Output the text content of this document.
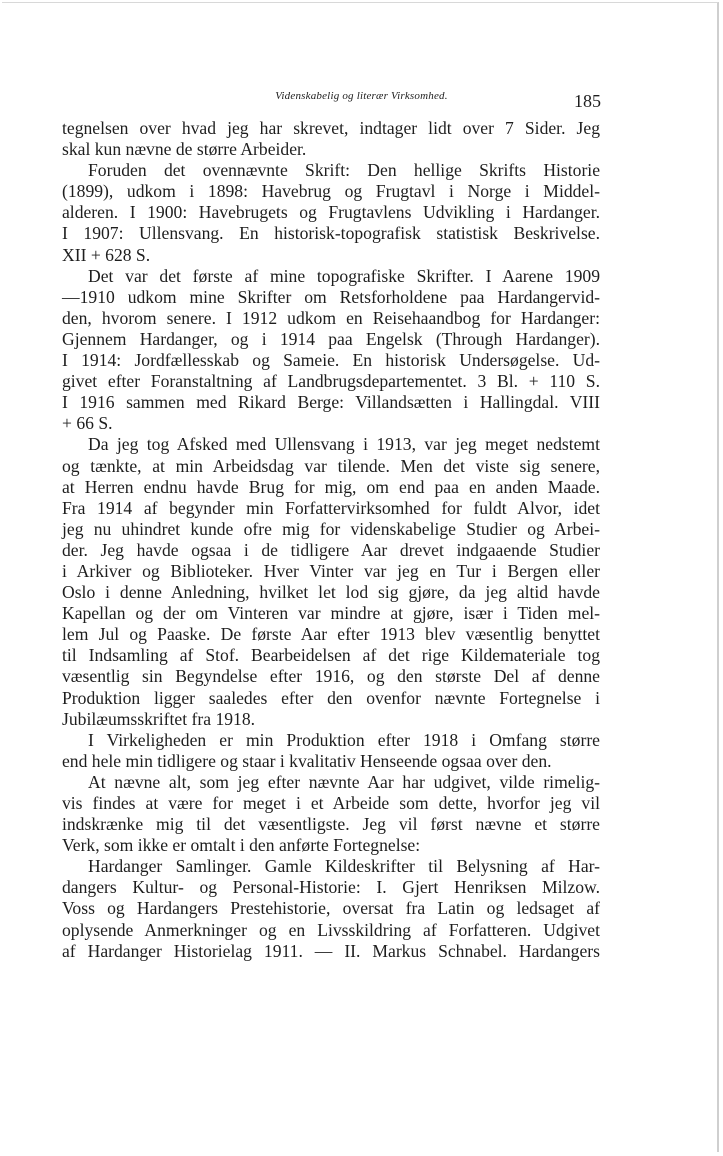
Videnskabelig og literær Virksomhed.	185
tegnelsen over hvad jeg har skrevet, indtager lidt over 7 Sider. Jeg
skal kun nævne de større Arbeider.
Foruden det ovennævnte Skrift: Den hellige Skrifts Historie
(1899), udkom i 1898: Havebrug og Frugtavl i Norge i Middel-
alderen. I 1900: Havebrugets og Frugtavlens Udvikling i Hardanger.
I 1907: Ullensvang. En historisk-topografisk statistisk Beskrivelse.
XII + 628 S.
Det var det første af mine topografiske Skrifter. I Aarene 1909
—1910 udkom mine Skrifter om Retsforholdene paa Hardangervid-
den, hvorom senere. I 1912 udkom en Reisehaandbog for Hardanger:
Gjennem Hardanger, og i 1914 paa Engelsk (Through Hardanger).
I 1914: Jordfællesskab og Sameie. En historisk Undersøgelse. Ud-
givet efter Foranstaltning af Landbrugsdepartementet. 3 Bl. + 110 S.
I 1916 sammen med Rikard Berge: Villandsætten i Hallingdal. VIII
+ 66 S.
Da jeg tog Afsked med Ullensvang i 1913, var jeg meget nedstemt
og tænkte, at min Arbeidsdag var tilende. Men det viste sig senere,
at Herren endnu havde Brug for mig, om end paa en anden Maade.
Fra 1914 af begynder min Forfattervirksomhed for fuldt Alvor, idet
jeg nu uhindret kunde ofre mig for videnskabelige Studier og Arbei-
der. Jeg havde ogsaa i de tidligere Aar drevet indgaaende Studier
i Arkiver og Biblioteker. Hver Vinter var jeg en Tur i Bergen eller
Oslo i denne Anledning, hvilket let lod sig gjøre, da jeg altid havde
Kapellan og der om Vinteren var mindre at gjøre, især i Tiden mel-
lem Jul og Paaske. De første Aar efter 1913 blev væsentlig benyttet
til Indsamling af Stof. Bearbeidelsen af det rige Kildemateriale tog
væsentlig sin Begyndelse efter 1916, og den største Del af denne
Produktion ligger saaledes efter den ovenfor nævnte Fortegnelse i
Jubilæumsskriftet fra 1918.
I Virkeligheden er min Produktion efter 1918 i Omfang større
end hele min tidligere og staar i kvalitativ Henseende ogsaa over den.
At nævne alt, som jeg efter nævnte Aar har udgivet, vilde rimelig-
vis findes at være for meget i et Arbeide som dette, hvorfor jeg vil
indskrænke mig til det væsentligste. Jeg vil først nævne et større
Verk, som ikke er omtalt i den anførte Fortegnelse:
Hardanger Samlinger. Gamle Kildeskrifter til Belysning af Har-
dangers Kultur- og Personal-Historie: I. Gjert Henriksen Milzow.
Voss og Hardangers Prestehistorie, oversat fra Latin og ledsaget af
oplysende Anmerkninger og en Livsskildring af Forfatteren. Udgivet
af Hardanger Historielag 1911. — II. Markus Schnabel. Hardangers
